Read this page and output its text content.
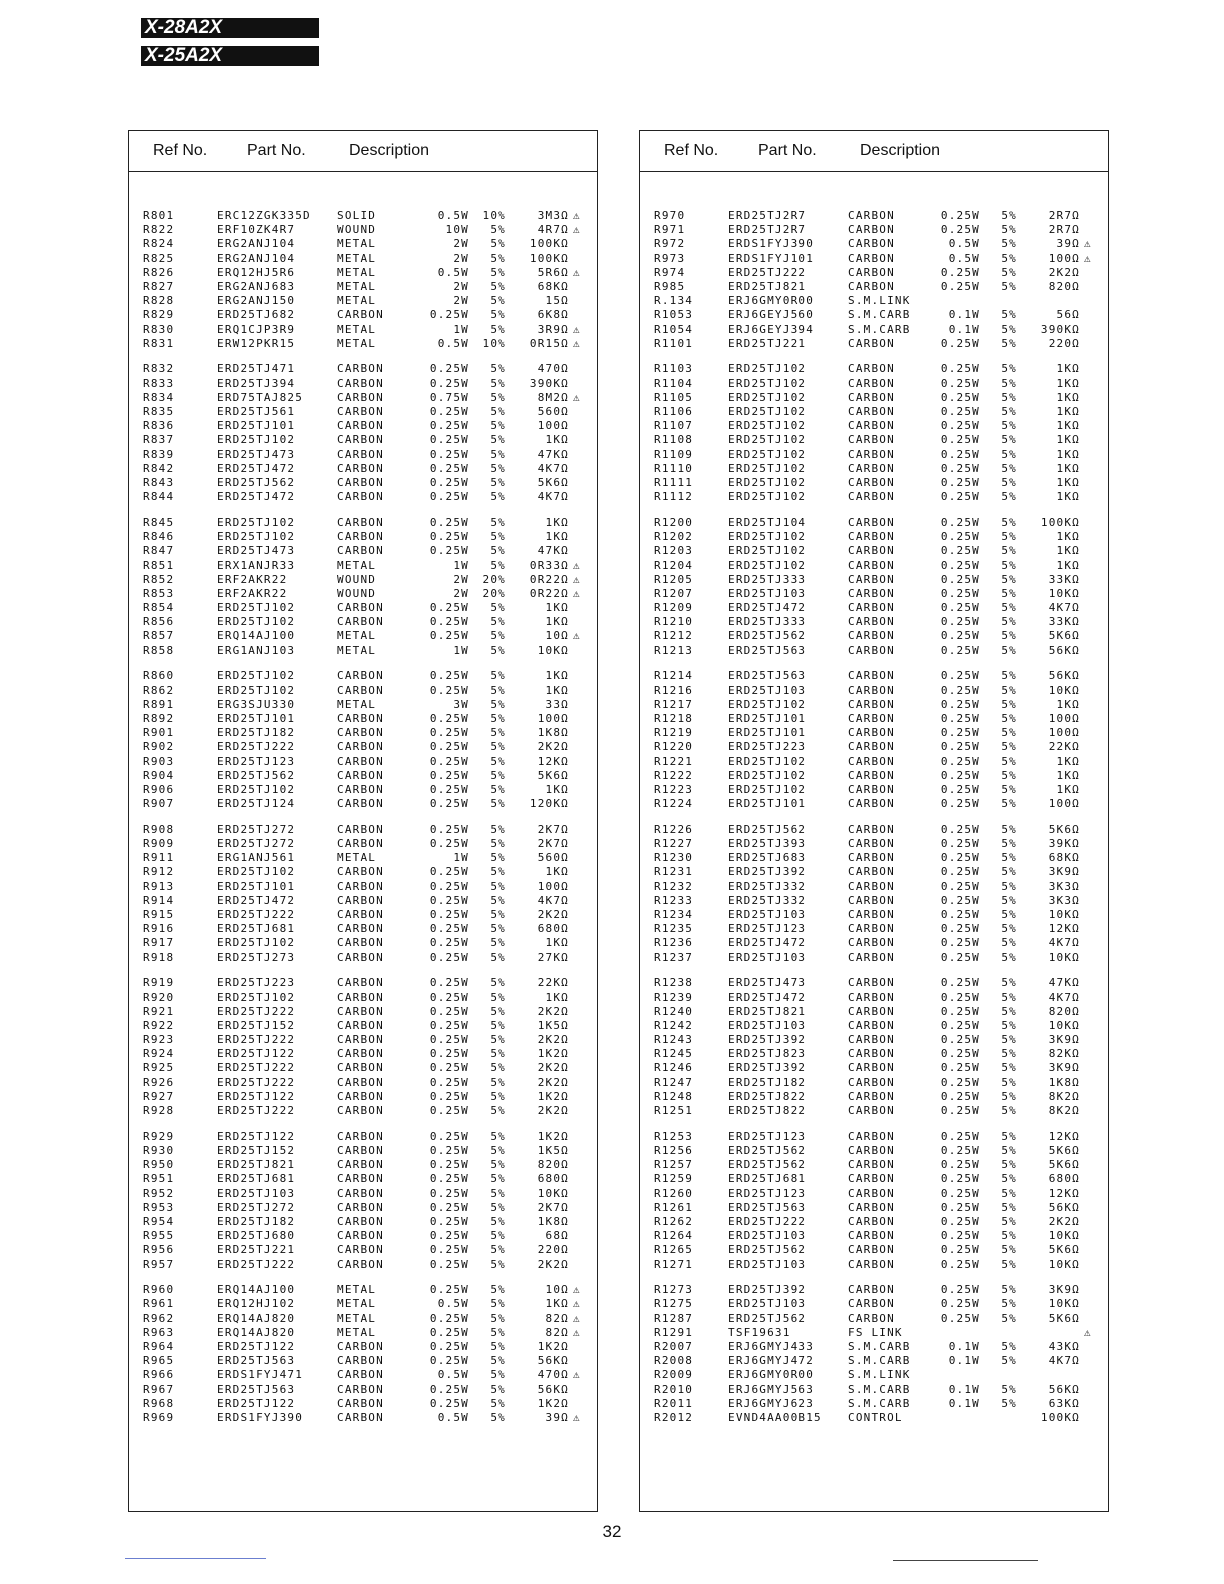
X-28A2X
X-25A2X
Ref No. Part No.	Description
R801	ERC12ZGK335D SOLID	0.5W	10%	3M3Ω ⚠
R822	ERF10ZK4R7	WOUND	10W	5%	4R7Ω ⚠
R824	ERG2ANJ104	METAL	2W	5%	100KΩ
R825	ERG2ANJ104	METAL	2W	5%	100KΩ
R826	ERQ12HJ5R6	METAL	0.5W	5%	5R6Ω ⚠
R827	ERG2ANJ683	METAL	2W	5%	68KΩ
R828	ERG2ANJ150	METAL	2W	5%	15Ω
R829	ERD25TJ682	CARBON	0.25W	5%	6K8Ω
R830	ERQ1CJP3R9	METAL	1W	5%	3R9Ω ⚠
R831	ERW12PKR15	METAL	0.5W	10%	0R15Ω ⚠
R832	ERD25TJ471	CARBON	0.25W	5%	470Ω
R833	ERD25TJ394	CARBON	0.25W	5%	390KΩ
R834	ERD75TAJ825	CARBON	0.75W	5%	8M2Ω ⚠
R835	ERD25TJ561	CARBON	0.25W	5%	560Ω
R836	ERD25TJ101	CARBON	0.25W	5%	100Ω
R837	ERD25TJ102	CARBON	0.25W	5%	1KΩ
R839	ERD25TJ473	CARBON	0.25W	5%	47KΩ
R842	ERD25TJ472	CARBON	0.25W	5%	4K7Ω
R843	ERD25TJ562	CARBON	0.25W	5%	5K6Ω
R844	ERD25TJ472	CARBON	0.25W	5%	4K7Ω
R845	ERD25TJ102	CARBON	0.25W	5%	1KΩ
R846	ERD25TJ102	CARBON	0.25W	5%	1KΩ
R847	ERD25TJ473	CARBON	0.25W	5%	47KΩ
R851	ERX1ANJR33	METAL	1W	5%	0R33Ω ⚠
R852	ERF2AKR22	WOUND	2W	20%	0R22Ω ⚠
R853	ERF2AKR22	WOUND	2W	20%	0R22Ω ⚠
R854	ERD25TJ102	CARBON	0.25W	5%	1KΩ
R856	ERD25TJ102	CARBON	0.25W	5%	1KΩ
R857	ERQ14AJ100	METAL	0.25W	5%	10Ω ⚠
R858	ERG1ANJ103	METAL	1W	5%	10KΩ
R860	ERD25TJ102	CARBON	0.25W	5%	1KΩ
R862	ERD25TJ102	CARBON	0.25W	5%	1KΩ
R891	ERG3SJU330	METAL	3W	5%	33Ω
R892	ERD25TJ101	CARBON	0.25W	5%	100Ω
R901	ERD25TJ182	CARBON	0.25W	5%	1K8Ω
R902	ERD25TJ222	CARBON	0.25W	5%	2K2Ω
R903	ERD25TJ123	CARBON	0.25W	5%	12KΩ
R904	ERD25TJ562	CARBON	0.25W	5%	5K6Ω
R906	ERD25TJ102	CARBON	0.25W	5%	1KΩ
R907	ERD25TJ124	CARBON	0.25W	5%	120KΩ
R908	ERD25TJ272	CARBON	0.25W	5%	2K7Ω
R909	ERD25TJ272	CARBON	0.25W	5%	2K7Ω
R911	ERG1ANJ561	METAL	1W	5%	560Ω
R912	ERD25TJ102	CARBON	0.25W	5%	1KΩ
R913	ERD25TJ101	CARBON	0.25W	5%	100Ω
R914	ERD25TJ472	CARBON	0.25W	5%	4K7Ω
R915	ERD25TJ222	CARBON	0.25W	5%	2K2Ω
R916	ERD25TJ681	CARBON	0.25W	5%	680Ω
R917	ERD25TJ102	CARBON	0.25W	5%	1KΩ
R918	ERD25TJ273	CARBON	0.25W	5%	27KΩ
R919	ERD25TJ223	CARBON	0.25W	5%	22KΩ
R920	ERD25TJ102	CARBON	0.25W	5%	1KΩ
R921	ERD25TJ222	CARBON	0.25W	5%	2K2Ω
R922	ERD25TJ152	CARBON	0.25W	5%	1K5Ω
R923	ERD25TJ222	CARBON	0.25W	5%	2K2Ω
R924	ERD25TJ122	CARBON	0.25W	5%	1K2Ω
R925	ERD25TJ222	CARBON	0.25W	5%	2K2Ω
R926	ERD25TJ222	CARBON	0.25W	5%	2K2Ω
R927	ERD25TJ122	CARBON	0.25W	5%	1K2Ω
R928	ERD25TJ222	CARBON	0.25W	5%	2K2Ω
R929	ERD25TJ122	CARBON	0.25W	5%	1K2Ω
R930	ERD25TJ152	CARBON	0.25W	5%	1K5Ω
R950	ERD25TJ821	CARBON	0.25W	5%	820Ω
R951	ERD25TJ681	CARBON	0.25W	5%	680Ω
R952	ERD25TJ103	CARBON	0.25W	5%	10KΩ
R953	ERD25TJ272	CARBON	0.25W	5%	2K7Ω
R954	ERD25TJ182	CARBON	0.25W	5%	1K8Ω
R955	ERD25TJ680	CARBON	0.25W	5%	68Ω
R956	ERD25TJ221	CARBON	0.25W	5%	220Ω
R957	ERD25TJ222	CARBON	0.25W	5%	2K2Ω
R960	ERQ14AJ100	METAL	0.25W	5%	10Ω ⚠
R961	ERQ12HJ102	METAL	0.5W	5%	1KΩ ⚠
R962	ERQ14AJ820	METAL	0.25W	5%	82Ω ⚠
R963	ERQ14AJ820	METAL	0.25W	5%	82Ω ⚠
R964	ERD25TJ122	CARBON	0.25W	5%	1K2Ω
R965	ERD25TJ563	CARBON	0.25W	5%	56KΩ
R966	ERDS1FYJ471	CARBON	0.5W	5%	470Ω ⚠
R967	ERD25TJ563	CARBON	0.25W	5%	56KΩ
R968	ERD25TJ122	CARBON	0.25W	5%	1K2Ω
R969	ERDS1FYJ390	CARBON	0.5W	5%	39Ω ⚠
Ref No. Part No.	Description
R970	ERD25TJ2R7	CARBON	0.25W	5%	2R7Ω
R971	ERD25TJ2R7	CARBON	0.25W	5%	2R7Ω
R972	ERDS1FYJ390	CARBON	0.5W	5%	39Ω ⚠
R973	ERDS1FYJ101	CARBON	0.5W	5%	100Ω ⚠
R974	ERD25TJ222	CARBON	0.25W	5%	2K2Ω
R985	ERD25TJ821	CARBON	0.25W	5%	820Ω
R.134	ERJ6GMY0R00	S.M.LINK
R1053	ERJ6GEYJ560	S.M.CARB	0.1W	5%	56Ω
R1054	ERJ6GEYJ394	S.M.CARB	0.1W	5%	390KΩ
R1101	ERD25TJ221	CARBON	0.25W	5%	220Ω
R1103	ERD25TJ102	CARBON	0.25W	5%	1KΩ
R1104	ERD25TJ102	CARBON	0.25W	5%	1KΩ
R1105	ERD25TJ102	CARBON	0.25W	5%	1KΩ
R1106	ERD25TJ102	CARBON	0.25W	5%	1KΩ
R1107	ERD25TJ102	CARBON	0.25W	5%	1KΩ
R1108	ERD25TJ102	CARBON	0.25W	5%	1KΩ
R1109	ERD25TJ102	CARBON	0.25W	5%	1KΩ
R1110	ERD25TJ102	CARBON	0.25W	5%	1KΩ
R1111	ERD25TJ102	CARBON	0.25W	5%	1KΩ
R1112	ERD25TJ102	CARBON	0.25W	5%	1KΩ
R1200	ERD25TJ104	CARBON	0.25W	5%	100KΩ
R1202	ERD25TJ102	CARBON	0.25W	5%	1KΩ
R1203	ERD25TJ102	CARBON	0.25W	5%	1KΩ
R1204	ERD25TJ102	CARBON	0.25W	5%	1KΩ
R1205	ERD25TJ333	CARBON	0.25W	5%	33KΩ
R1207	ERD25TJ103	CARBON	0.25W	5%	10KΩ
R1209	ERD25TJ472	CARBON	0.25W	5%	4K7Ω
R1210	ERD25TJ333	CARBON	0.25W	5%	33KΩ
R1212	ERD25TJ562	CARBON	0.25W	5%	5K6Ω
R1213	ERD25TJ563	CARBON	0.25W	5%	56KΩ
R1214	ERD25TJ563	CARBON	0.25W	5%	56KΩ
R1216	ERD25TJ103	CARBON	0.25W	5%	10KΩ
R1217	ERD25TJ102	CARBON	0.25W	5%	1KΩ
R1218	ERD25TJ101	CARBON	0.25W	5%	100Ω
R1219	ERD25TJ101	CARBON	0.25W	5%	100Ω
R1220	ERD25TJ223	CARBON	0.25W	5%	22KΩ
R1221	ERD25TJ102	CARBON	0.25W	5%	1KΩ
R1222	ERD25TJ102	CARBON	0.25W	5%	1KΩ
R1223	ERD25TJ102	CARBON	0.25W	5%	1KΩ
R1224	ERD25TJ101	CARBON	0.25W	5%	100Ω
R1226	ERD25TJ562	CARBON	0.25W	5%	5K6Ω
R1227	ERD25TJ393	CARBON	0.25W	5%	39KΩ
R1230	ERD25TJ683	CARBON	0.25W	5%	68KΩ
R1231	ERD25TJ392	CARBON	0.25W	5%	3K9Ω
R1232	ERD25TJ332	CARBON	0.25W	5%	3K3Ω
R1233	ERD25TJ332	CARBON	0.25W	5%	3K3Ω
R1234	ERD25TJ103	CARBON	0.25W	5%	10KΩ
R1235	ERD25TJ123	CARBON	0.25W	5%	12KΩ
R1236	ERD25TJ472	CARBON	0.25W	5%	4K7Ω
R1237	ERD25TJ103	CARBON	0.25W	5%	10KΩ
R1238	ERD25TJ473	CARBON	0.25W	5%	47KΩ
R1239	ERD25TJ472	CARBON	0.25W	5%	4K7Ω
R1240	ERD25TJ821	CARBON	0.25W	5%	820Ω
R1242	ERD25TJ103	CARBON	0.25W	5%	10KΩ
R1243	ERD25TJ392	CARBON	0.25W	5%	3K9Ω
R1245	ERD25TJ823	CARBON	0.25W	5%	82KΩ
R1246	ERD25TJ392	CARBON	0.25W	5%	3K9Ω
R1247	ERD25TJ182	CARBON	0.25W	5%	1K8Ω
R1248	ERD25TJ822	CARBON	0.25W	5%	8K2Ω
R1251	ERD25TJ822	CARBON	0.25W	5%	8K2Ω
R1253	ERD25TJ123	CARBON	0.25W	5%	12KΩ
R1256	ERD25TJ562	CARBON	0.25W	5%	5K6Ω
R1257	ERD25TJ562	CARBON	0.25W	5%	5K6Ω
R1259	ERD25TJ681	CARBON	0.25W	5%	680Ω
R1260	ERD25TJ123	CARBON	0.25W	5%	12KΩ
R1261	ERD25TJ563	CARBON	0.25W	5%	56KΩ
R1262	ERD25TJ222	CARBON	0.25W	5%	2K2Ω
R1264	ERD25TJ103	CARBON	0.25W	5%	10KΩ
R1265	ERD25TJ562	CARBON	0.25W	5%	5K6Ω
R1271	ERD25TJ103	CARBON	0.25W	5%	10KΩ
R1273	ERD25TJ392	CARBON	0.25W	5%	3K9Ω
R1275	ERD25TJ103	CARBON	0.25W	5%	10KΩ
R1287	ERD25TJ562	CARBON	0.25W	5%	5K6Ω
R1291	TSF19631	FS LINK	⚠
R2007	ERJ6GMYJ433	S.M.CARB	0.1W	5%	43KΩ
R2008	ERJ6GMYJ472	S.M.CARB	0.1W	5%	4K7Ω
R2009	ERJ6GMY0R00	S.M.LINK
R2010	ERJ6GMYJ563	S.M.CARB	0.1W	5%	56KΩ
R2011	ERJ6GMYJ623	S.M.CARB	0.1W	5%	63KΩ
R2012	EVND4AA00B15 CONTROL	100KΩ
32
